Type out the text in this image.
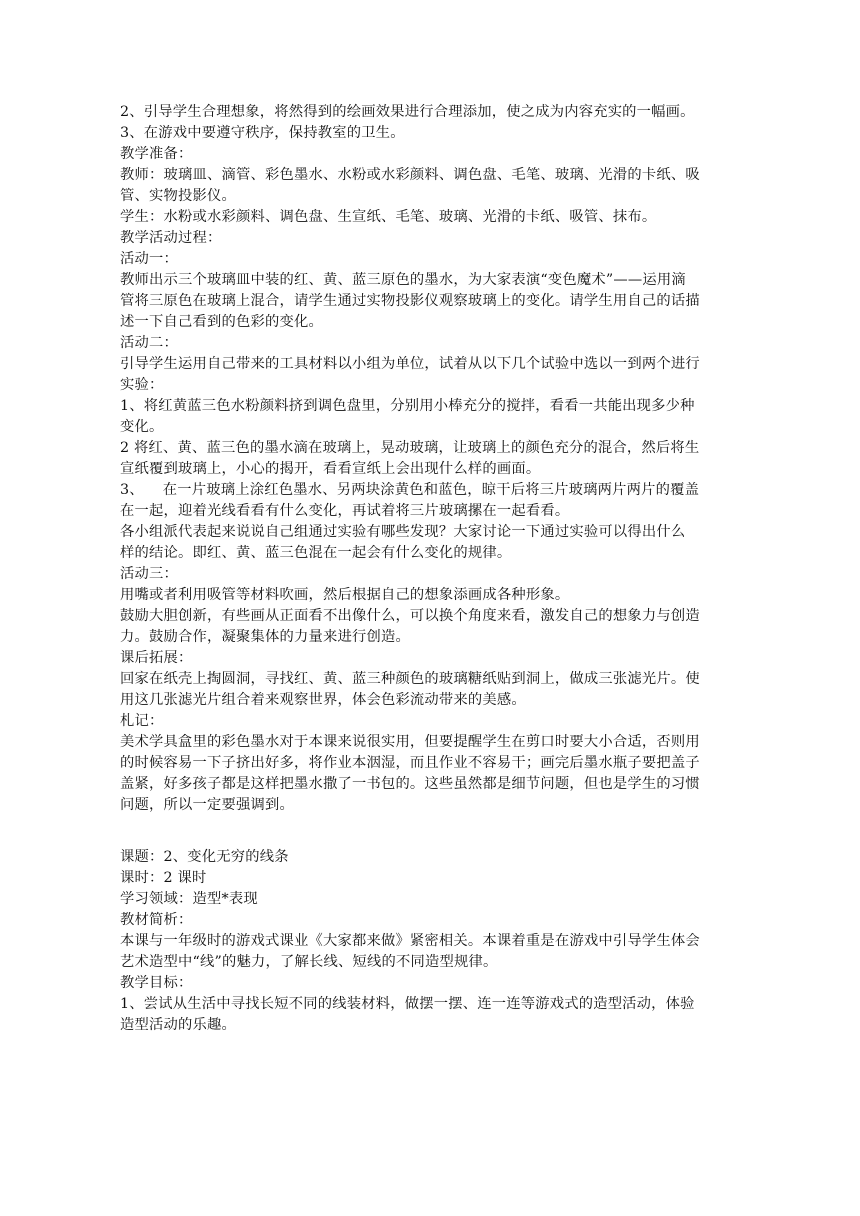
2、引导学生合理想象，将然得到的绘画效果进行合理添加，使之成为内容充实的一幅画。

3、在游戏中要遵守秩序，保持教室的卫生。

教学准备：

教师：玻璃皿、滴管、彩色墨水、水粉或水彩颜料、调色盘、毛笔、玻璃、光滑的卡纸、吸

管、实物投影仪。

学生：水粉或水彩颜料、调色盘、生宣纸、毛笔、玻璃、光滑的卡纸、吸管、抹布。

教学活动过程：

活动一：

教师出示三个玻璃皿中装的红、黄、蓝三原色的墨水，为大家表演“变色魔术”——运用滴

管将三原色在玻璃上混合，请学生通过实物投影仪观察玻璃上的变化。请学生用自己的话描

述一下自己看到的色彩的变化。

活动二：

引导学生运用自己带来的工具材料以小组为单位，试着从以下几个试验中选以一到两个进行

实验：

1、将红黄蓝三色水粉颜料挤到调色盘里，分别用小棒充分的搅拌，看看一共能出现多少种

变化。

2 将红、黄、蓝三色的墨水滴在玻璃上，晃动玻璃，让玻璃上的颜色充分的混合，然后将生

宣纸覆到玻璃上，小心的揭开，看看宣纸上会出现什么样的画面。

3、    在一片玻璃上涂红色墨水、另两块涂黄色和蓝色，晾干后将三片玻璃两片两片的覆盖

在一起，迎着光线看看有什么变化，再试着将三片玻璃摞在一起看看。

各小组派代表起来说说自己组通过实验有哪些发现？大家讨论一下通过实验可以得出什么

样的结论。即红、黄、蓝三色混在一起会有什么变化的规律。

活动三：

用嘴或者利用吸管等材料吹画，然后根据自己的想象添画成各种形象。

鼓励大胆创新，有些画从正面看不出像什么，可以换个角度来看，激发自己的想象力与创造

力。鼓励合作，凝聚集体的力量来进行创造。

课后拓展：

回家在纸壳上掏圆洞，寻找红、黄、蓝三种颜色的玻璃糖纸贴到洞上，做成三张滤光片。使

用这几张滤光片组合着来观察世界，体会色彩流动带来的美感。

札记：

美术学具盒里的彩色墨水对于本课来说很实用，但要提醒学生在剪口时要大小合适，否则用

的时候容易一下子挤出好多，将作业本洇湿，而且作业不容易干；画完后墨水瓶子要把盖子

盖紧，好多孩子都是这样把墨水撒了一书包的。这些虽然都是细节问题，但也是学生的习惯

问题，所以一定要强调到。

课题：2、变化无穷的线条

课时：2 课时

学习领域：造型*表现

教材简析：

本课与一年级时的游戏式课业《大家都来做》紧密相关。本课着重是在游戏中引导学生体会

艺术造型中“线”的魅力，了解长线、短线的不同造型规律。

教学目标：

1、尝试从生活中寻找长短不同的线装材料，做摆一摆、连一连等游戏式的造型活动，体验

造型活动的乐趣。
